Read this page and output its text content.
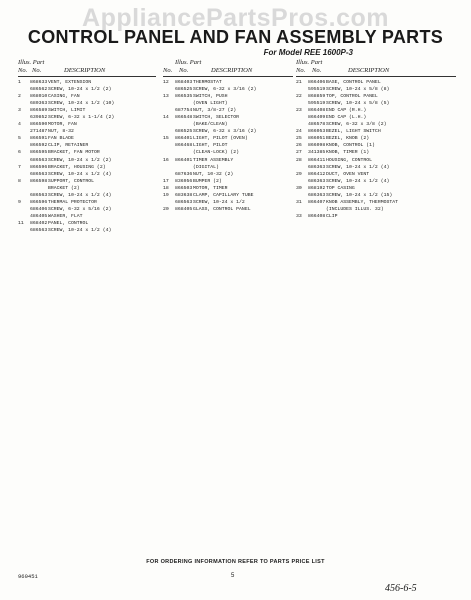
AppliancePartsPros.com
CONTROL PANEL AND FAN ASSEMBLY PARTS
For Model REE 1600P-3
Illus. Part
No. No.	DESCRIPTION
1	868633 VENT, EXTENSION
686562 SCREW, 10-24 x 1/2 (2)
2	868010 CASING, FAN
680363 SCREW, 10-24 x 1/2 (10)
3	866589 SWITCH, LIMIT
639852 SCREW, 6-32 x 1-1/4 (2)
4	866590 MOTOR, FAN
271487 NUT, 8-32
5	866591 FAN BLADE
866592 CLIP, RETAINER
6	866595 BRACKET, FAN MOTOR
686563 SCREW, 10-24 x 1/2 (2)
7	866596 BRACKET, HOUSING (2)
686563 SCREW, 10-24 x 1/2 (4)
8	866598 SUPPORT, CONTROL
BRACKET (2)
686563 SCREW, 10-24 x 1/2 (4)
9	866596 THERMAL PROTECTOR
686406 SCREW, 6-32 x 5/16 (2)
486405 WASHER, FLAT
11	868402 PANEL, CONTROL
686563 SCREW, 10-24 x 1/2 (4)
Illus. Part
No. No.	DESCRIPTION
12	868403 THERMOSTAT
686525 SCREW, 6-32 x 3/16 (2)
13	866535 SWITCH, PUSH
(OVEN LIGHT)
687754 NUT, 3/8-27 (2)
14	866548 SWITCH, SELECTOR
(BAKE/CLEAN)
686525 SCREW, 6-32 x 3/16 (2)
15	866401 LIGHT, PILOT (OVEN)
866468 LIGHT, PILOT
(CLEAN-LOCK) (2)
16	866401 TIMER ASSEMBLY
(DIGITAL)
687636 NUT, 10-32 (2)
17	836956 BUMPER (2)
18	866503 MOTOR, TIMER
19	683638 CLAMP, CAPILLARY TUBE
686563 SCREW, 10-24 x 1/2
20	868405 GLASS, CONTROL PANEL
Illus. Part
No. No.	DESCRIPTION
21	866406 BASE, CONTROL PANEL
595519 SCREW, 10-24 x 5/8 (8)
22	868859 TOP, CONTROL PANEL
595519 SCREW, 10-24 x 5/8 (5)
23	866408 END CAP (R.H.)
866409 END CAP (L.H.)
486578 SCREW, 6-32 x 3/8 (2)
24	866053 BEZEL, LIGHT SWITCH
25	866051 BEZEL, KNOB (2)
26	866098 KNOB, CONTROL (1)
27	341385 KNOB, TIMER (1)
28	866411 HOUSING, CONTROL
686363 SCREW, 10-24 x 1/2 (4)
29	866412 DUCT, OVEN VENT
686363 SCREW, 10-24 x 1/2 (4)
30	868192 TOP CASING
686363 SCREW, 10-24 x 1/2 (15)
31	866407 KNOB ASSEMBLY, THERMOSTAT
(INCLUDES ILLUS. 32)
33	866408 CLIP
FOR ORDERING INFORMATION REFER TO PARTS PRICE LIST
960451	5
456-6-5
